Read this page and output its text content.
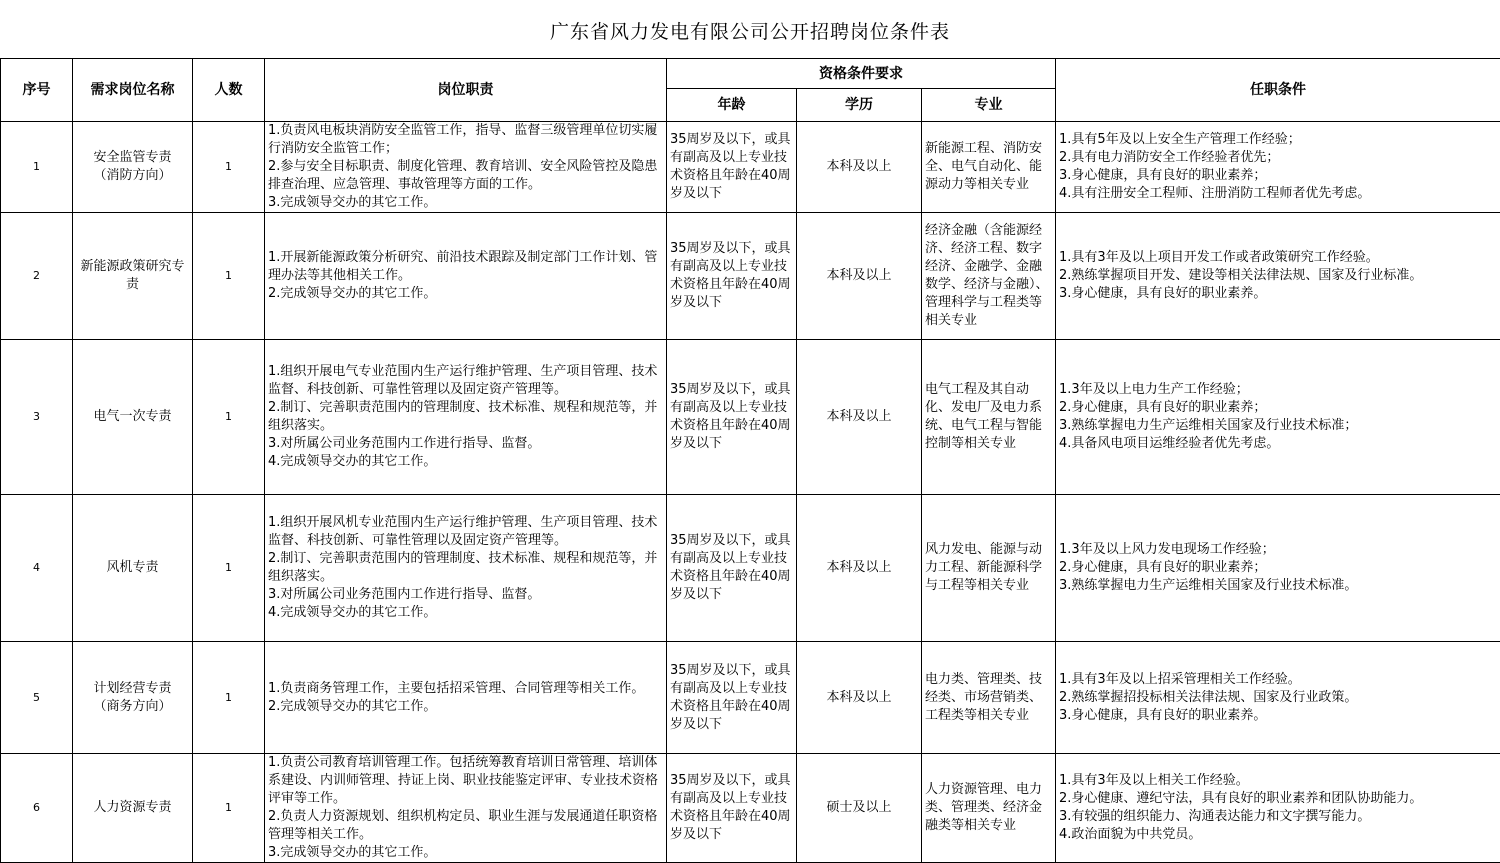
广东省风力发电有限公司公开招聘岗位条件表
序号	需求岗位名称	人数	岗位职责	资格条件要求			任职条件
				年龄	学历	专业	
1	安全监管专责
（消防方向）	1	1.负责风电板块消防安全监管工作，指导、监督三级管理单位切实履行消防安全监管工作；
2.参与安全目标职责、制度化管理、教育培训、安全风险管控及隐患排查治理、应急管理、事故管理等方面的工作。
3.完成领导交办的其它工作。	35周岁及以下，或具有副高及以上专业技术资格且年龄在40周岁及以下	本科及以上	新能源工程、消防安全、电气自动化、能源动力等相关专业	1.具有5年及以上安全生产管理工作经验；
2.具有电力消防安全工作经验者优先；
3.身心健康，具有良好的职业素养；
4.具有注册安全工程师、注册消防工程师者优先考虑。
2	新能源政策研究专责	1	1.开展新能源政策分析研究、前沿技术跟踪及制定部门工作计划、管理办法等其他相关工作。
2.完成领导交办的其它工作。	35周岁及以下，或具有副高及以上专业技术资格且年龄在40周岁及以下	本科及以上	经济金融（含能源经济、经济工程、数字经济、金融学、金融数学、经济与金融）、管理科学与工程类等相关专业	1.具有3年及以上项目开发工作或者政策研究工作经验。
2.熟练掌握项目开发、建设等相关法律法规、国家及行业标准。
3.身心健康，具有良好的职业素养。
3	电气一次专责	1	1.组织开展电气专业范围内生产运行维护管理、生产项目管理、技术监督、科技创新、可靠性管理以及固定资产管理等。
2.制订、完善职责范围内的管理制度、技术标准、规程和规范等，并组织落实。
3.对所属公司业务范围内工作进行指导、监督。
4.完成领导交办的其它工作。	35周岁及以下，或具有副高及以上专业技术资格且年龄在40周岁及以下	本科及以上	电气工程及其自动化、发电厂及电力系统、电气工程与智能控制等相关专业	1.3年及以上电力生产工作经验；
2.身心健康，具有良好的职业素养；
3.熟练掌握电力生产运维相关国家及行业技术标准；
4.具备风电项目运维经验者优先考虑。
4	风机专责	1	1.组织开展风机专业范围内生产运行维护管理、生产项目管理、技术监督、科技创新、可靠性管理以及固定资产管理等。
2.制订、完善职责范围内的管理制度、技术标准、规程和规范等，并组织落实。
3.对所属公司业务范围内工作进行指导、监督。
4.完成领导交办的其它工作。	35周岁及以下，或具有副高及以上专业技术资格且年龄在40周岁及以下	本科及以上	风力发电、能源与动力工程、新能源科学与工程等相关专业	1.3年及以上风力发电现场工作经验；
2.身心健康，具有良好的职业素养；
3.熟练掌握电力生产运维相关国家及行业技术标准。
5	计划经营专责
（商务方向）	1	1.负责商务管理工作，主要包括招采管理、合同管理等相关工作。
2.完成领导交办的其它工作。	35周岁及以下，或具有副高及以上专业技术资格且年龄在40周岁及以下	本科及以上	电力类、管理类、技经类、市场营销类、工程类等相关专业	1.具有3年及以上招采管理相关工作经验。
2.熟练掌握招投标相关法律法规、国家及行业政策。
3.身心健康，具有良好的职业素养。
6	人力资源专责	1	1.负责公司教育培训管理工作。包括统筹教育培训日常管理、培训体系建设、内训师管理、持证上岗、职业技能鉴定评审、专业技术资格评审等工作。
2.负责人力资源规划、组织机构定员、职业生涯与发展通道任职资格管理等相关工作。
3.完成领导交办的其它工作。	35周岁及以下，或具有副高及以上专业技术资格且年龄在40周岁及以下	硕士及以上	人力资源管理、电力类、管理类、经济金融类等相关专业	1.具有3年及以上相关工作经验。
2.身心健康、遵纪守法，具有良好的职业素养和团队协助能力。
3.有较强的组织能力、沟通表达能力和文字撰写能力。
4.政治面貌为中共党员。
